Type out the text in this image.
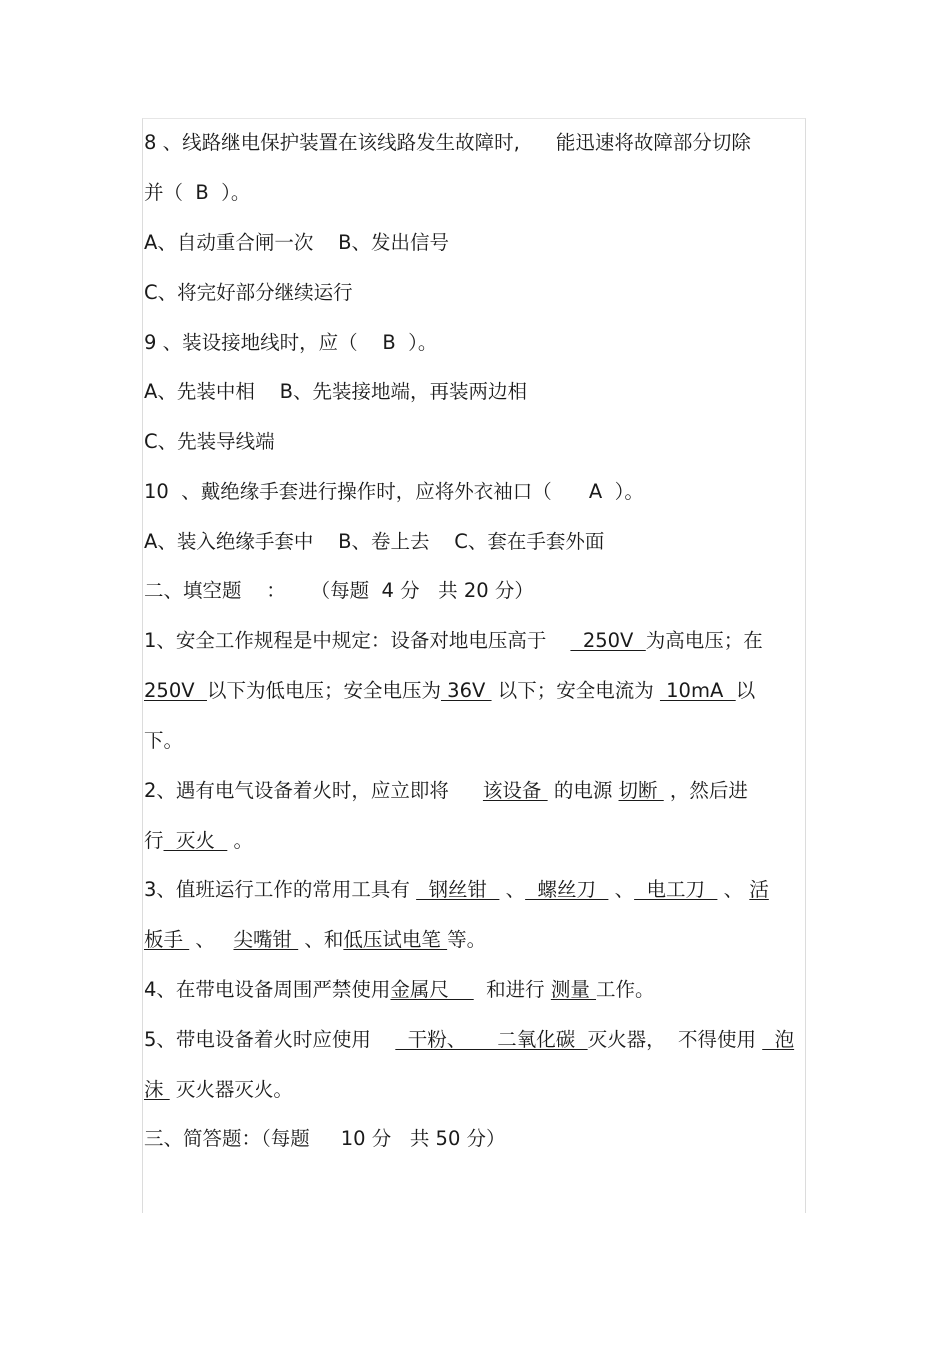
8 、线路继电保护装置在该线路发生故障时, 能迅速将故障部分切除
并（  B  ）。
A、自动重合闸一次    B、发出信号
C、将完好部分继续运行
9 、装设接地线时，应（    B  ）。
A、先装中相    B、先装接地端，再装两边相
C、先装导线端
10  、戴绝缘手套进行操作时，应将外衣袖口（      A  ）。
A、装入绝缘手套中    B、卷上去    C、套在手套外面
二、填空题    ：    （每题  4 分   共 20 分）
1、安全工作规程是中规定：设备对地电压高于  250V  为高电压；在
250V  以下为低电压；安全电压为 36V  以下；安全电流为  10mA  以
下。
2、遇有电气设备着火时，应立即将 该设备  的电源 切断  ，然后进
行  灭火   。
3、值班运行工作的常用工具有   钢丝钳   、  螺丝刀   、  电工刀   、 活
板手  、   尖嘴钳  、和低压试电笔 等。
4、在带电设备周围严禁使用金属尺      和进行 测量 工作。
5、带电设备着火时应使用    干粉、     二氧化碳  灭火器，  不得使用   泡
沫  灭火器灭火。
三、简答题：（每题     10 分   共 50 分）
